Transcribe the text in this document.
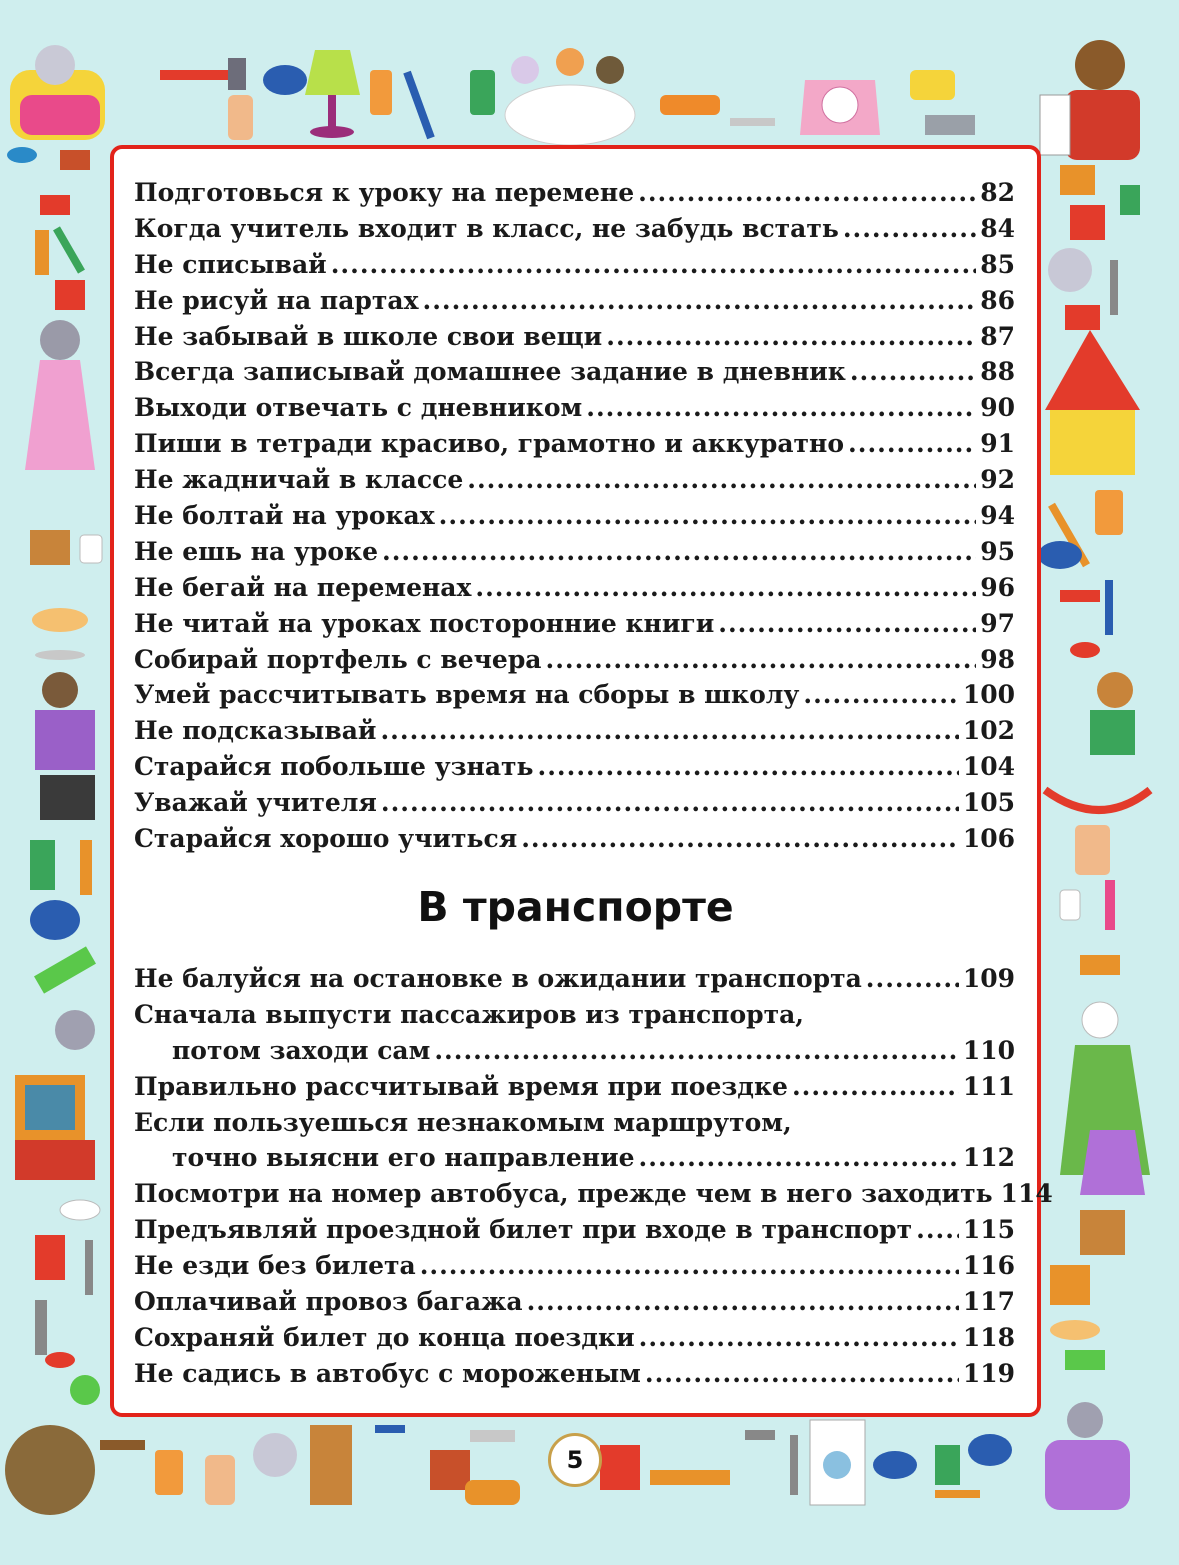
Подготовься к уроку на перемене .....	82
Когда учитель входит в класс, не забудь встать .....	84
Не списывай .....	85
Не рисуй на партах .....	86
Не забывай в школе свои вещи .....	87
Всегда записывай домашнее задание в дневник .....	88
Выходи отвечать с дневником .....	90
Пиши в тетради красиво, грамотно и аккуратно .....	91
Не жадничай в классе .....	92
Не болтай на уроках .....	94
Не ешь на уроке .....	95
Не бегай на переменах .....	96
Не читай на уроках посторонние книги .....	97
Собирай портфель с вечера .....	98
Умей рассчитывать время на сборы в школу .....	100
Не подсказывай .....	102
Старайся побольше узнать .....	104
Уважай учителя .....	105
Старайся хорошо учиться .....	106
В транспорте
Не балуйся на остановке в ожидании транспорта .....	109
Сначала выпусти пассажиров из транспорта,
потом заходи сам .....	110
Правильно рассчитывай время при поездке .....	111
Если пользуешься незнакомым маршрутом,
точно выясни его направление .....	112
Посмотри на номер автобуса, прежде чем в него заходить 114
Предъявляй проездной билет при входе в транспорт ..... 115
Не езди без билета .....	116
Оплачивай провоз багажа .....	117
Сохраняй билет до конца поездки .....	118
Не садись в автобус с мороженым .....	119
5
